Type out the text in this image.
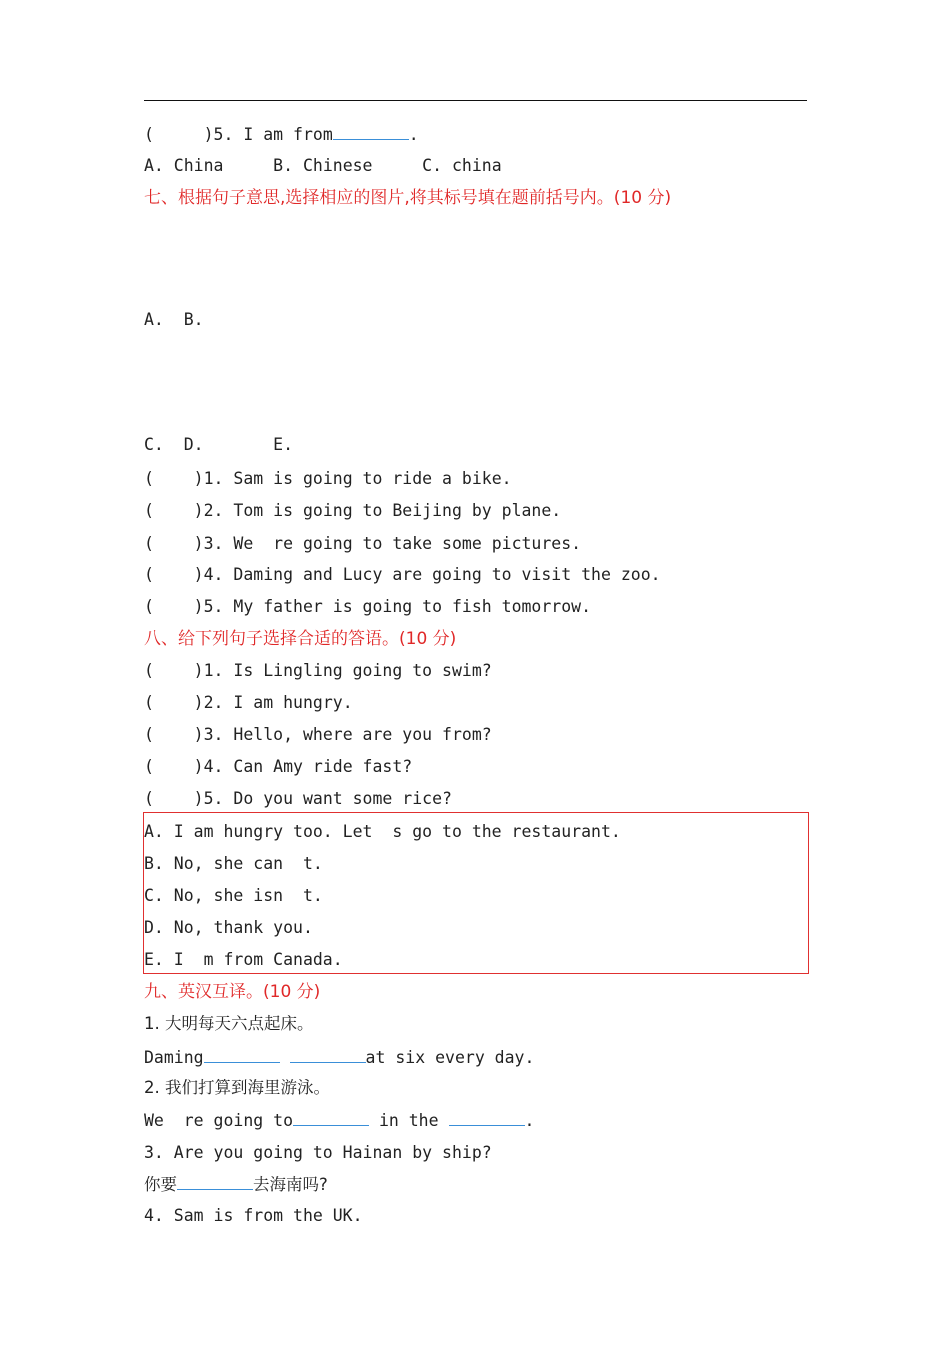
(	)5. I am from	.
A. China	B. Chinese	C. china
七、根据句子意思,选择相应的图片,将其标号填在题前括号内。(10 分)
A.  B.
C.  D.	E.
(    )1. Sam is going to ride a bike.
(    )2. Tom is going to Beijing by plane.
(    )3. We  re going to take some pictures.
(    )4. Daming and Lucy are going to visit the zoo.
(    )5. My father is going to fish tomorrow.
八、给下列句子选择合适的答语。(10 分)
(    )1. Is Lingling going to swim?
(    )2. I am hungry.
(    )3. Hello, where are you from?
(    )4. Can Amy ride fast?
(    )5. Do you want some rice?
A. I am hungry too. Let  s go to the restaurant.
B. No, she can  t.
C. No, she isn  t.
D. No, thank you.
E. I  m from Canada.
九、英汉互译。(10 分)
1. 大明每天六点起床。
Daming	at six every day.
2. 我们打算到海里游泳。
We  re going to	in the	.
3. Are you going to Hainan by ship?
你要	去海南吗?
4. Sam is from the UK.
